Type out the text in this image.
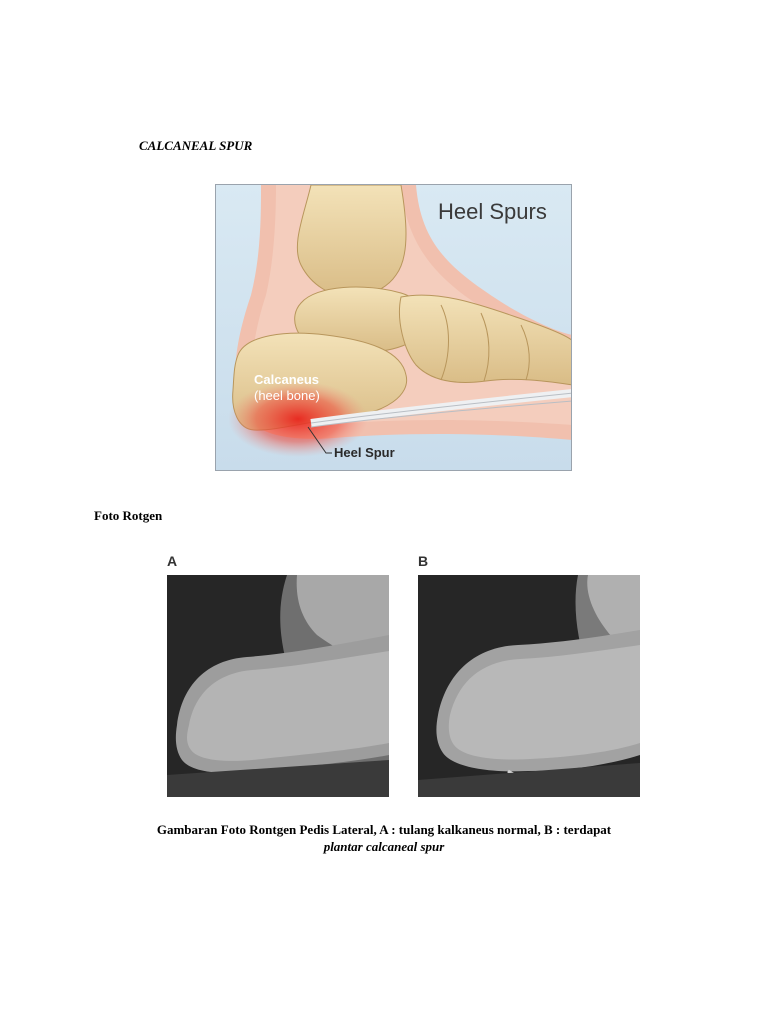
CALCANEAL SPUR
Heel Spurs
Calcaneus
(heel bone)
Heel Spur
Foto Rotgen
A	B
Gambaran Foto Rontgen Pedis Lateral, A : tulang kalkaneus normal, B : terdapat
plantar calcaneal spur
